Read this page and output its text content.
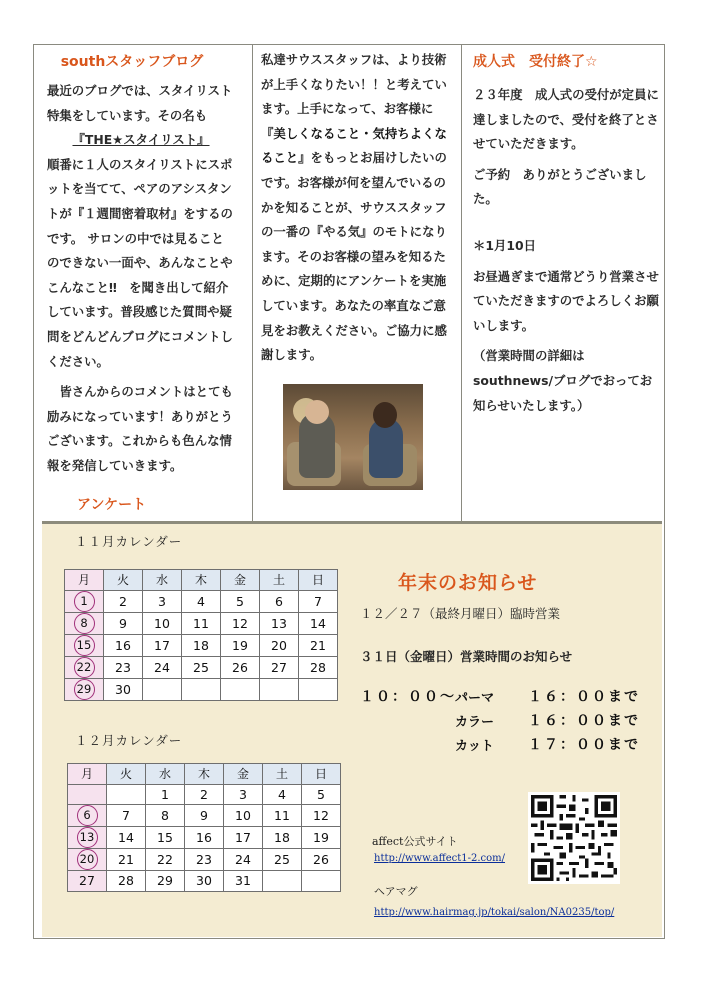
southスタッフブログ

最近のブログでは、スタイリスト特集をしています。その名も

『THE★スタイリスト』

順番に１人のスタイリストにスポットを当てて、ペアのアシスタントが『１週間密着取材』をするのです。 サロンの中では見ることのできない一面や、あんなことやこんなこと‼　を聞き出して紹介しています。普段感じた質問や疑問をどんどんブログにコメントしください。

　皆さんからのコメントはとても励みになっています！ありがとうございます。これからも色んな情報を発信していきます。

私達サウススタッフは、より技術が上手くなりたい！！と考えています。上手になって、お客様に『美しくなること・気持ちよくなること』をもっとお届けしたいのです。お客様が何を望んでいるのかを知ることが、サウススタッフの一番の『やる気』のモトになります。そのお客様の望みを知るために、定期的にアンケートを実施しています。あなたの率直なご意見をお教えください。ご協力に感謝します。

成人式　受付終了☆

２３年度　成人式の受付が定員に達しましたので、受付を終了とさせていただきます。

ご予約　ありがとうございました。

＊1月10日

お昼過ぎまで通常どうり営業させていただきますのでよろしくお願いします。

（営業時間の詳細はsouthnews/ブログでおってお知らせいたします。）

アンケート
１１月カレンダー
月	火	水	木	金	土	日
1	2	3	4	5	6	7
8	9	10	11	12	13	14
15	16	17	18	19	20	21
22	23	24	25	26	27	28
29	30					
１２月カレンダー
月	火	水	木	金	土	日
		1	2	3	4	5
6	7	8	9	10	11	12
13	14	15	16	17	18	19
20	21	22	23	24	25	26
27	28	29	30	31		
年末のお知らせ
１２／２７（最終月曜日）臨時営業
３１日（金曜日）営業時間のお知らせ
１０：００～ パーマ １６：００まで
カラー １６：００まで
カット １７：００まで
affect公式サイト
http://www.affect1-2.com/
ヘアマグ
http://www.hairmag.jp/tokai/salon/NA0235/top/
